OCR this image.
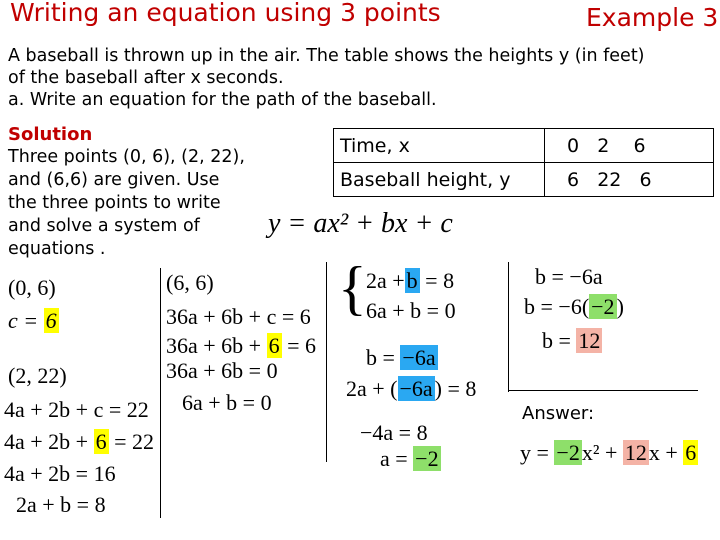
Writing an equation using 3 points	Example 3
A baseball is thrown up in the air. The table shows the heights y (in feet)
of the baseball after x seconds.
a. Write an equation for the path of the baseball.
Solution
Three points (0, 6), (2, 22),
and (6,6) are given. Use
the three points to write
and solve a system of
equations .
Time, x	0 2 6
Baseball height, y	6 22 6
y = ax² + bx + c
(0, 6)
c = 6
(2, 22)
4a + 2b + c = 22
4a + 2b + 6 = 22
4a + 2b = 16
2a + b = 8
(6, 6)
36a + 6b + c = 6
36a + 6b + 6 = 6
36a + 6b = 0
6a + b = 0
{ 2a +b = 8
6a + b = 0
b = −6a
2a + (−6a) = 8
−4a = 8
a = −2
b = −6a
b = −6(−2)
b = 12
Answer:
y = −2x² + 12x + 6
